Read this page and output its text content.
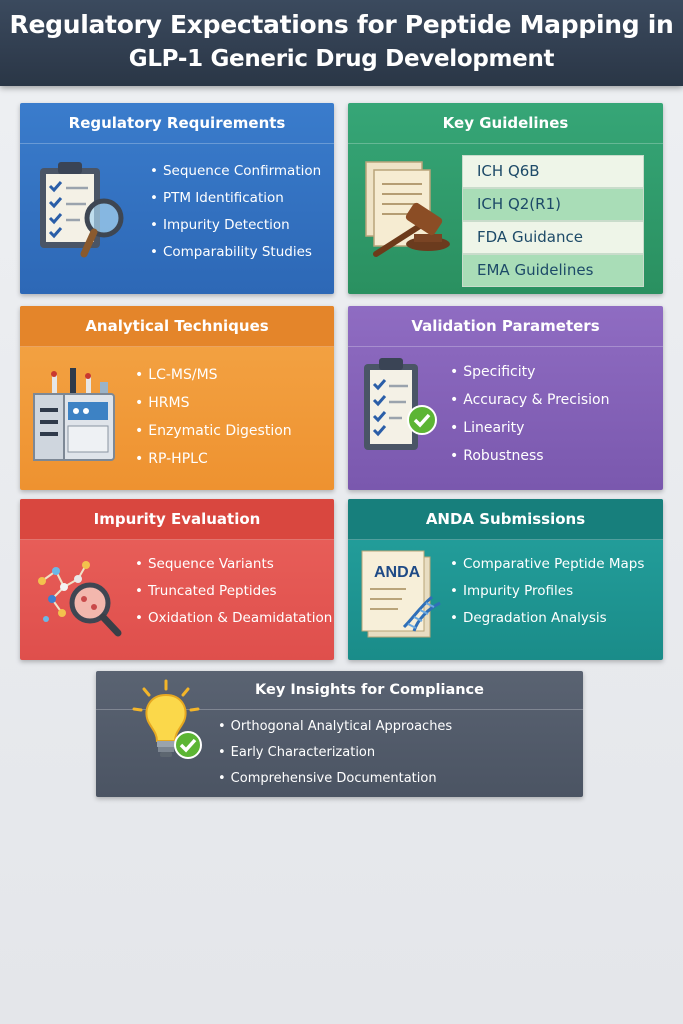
Regulatory Expectations for Peptide Mapping in
GLP-1 Generic Drug Development
Regulatory Requirements
• Sequence Confirmation
• PTM Identification
• Impurity Detection
• Comparability Studies
Key Guidelines
ICH Q6B
ICH Q2(R1)
FDA Guidance
EMA Guidelines
Analytical Techniques
• LC-MS/MS
• HRMS
• Enzymatic Digestion
• RP-HPLC
Validation Parameters
• Specificity
• Accuracy & Precision
• Linearity
• Robustness
Impurity Evaluation
• Sequence Variants
• Truncated Peptides
• Oxidation & Deamidatation
ANDA Submissions
ANDA
•	Comparative Peptide Maps
• Impurity Profiles
• Degradation Analysis
Key Insights for Compliance
• Orthogonal Analytical Approaches
• Early Characterization
• Comprehensive Documentation
